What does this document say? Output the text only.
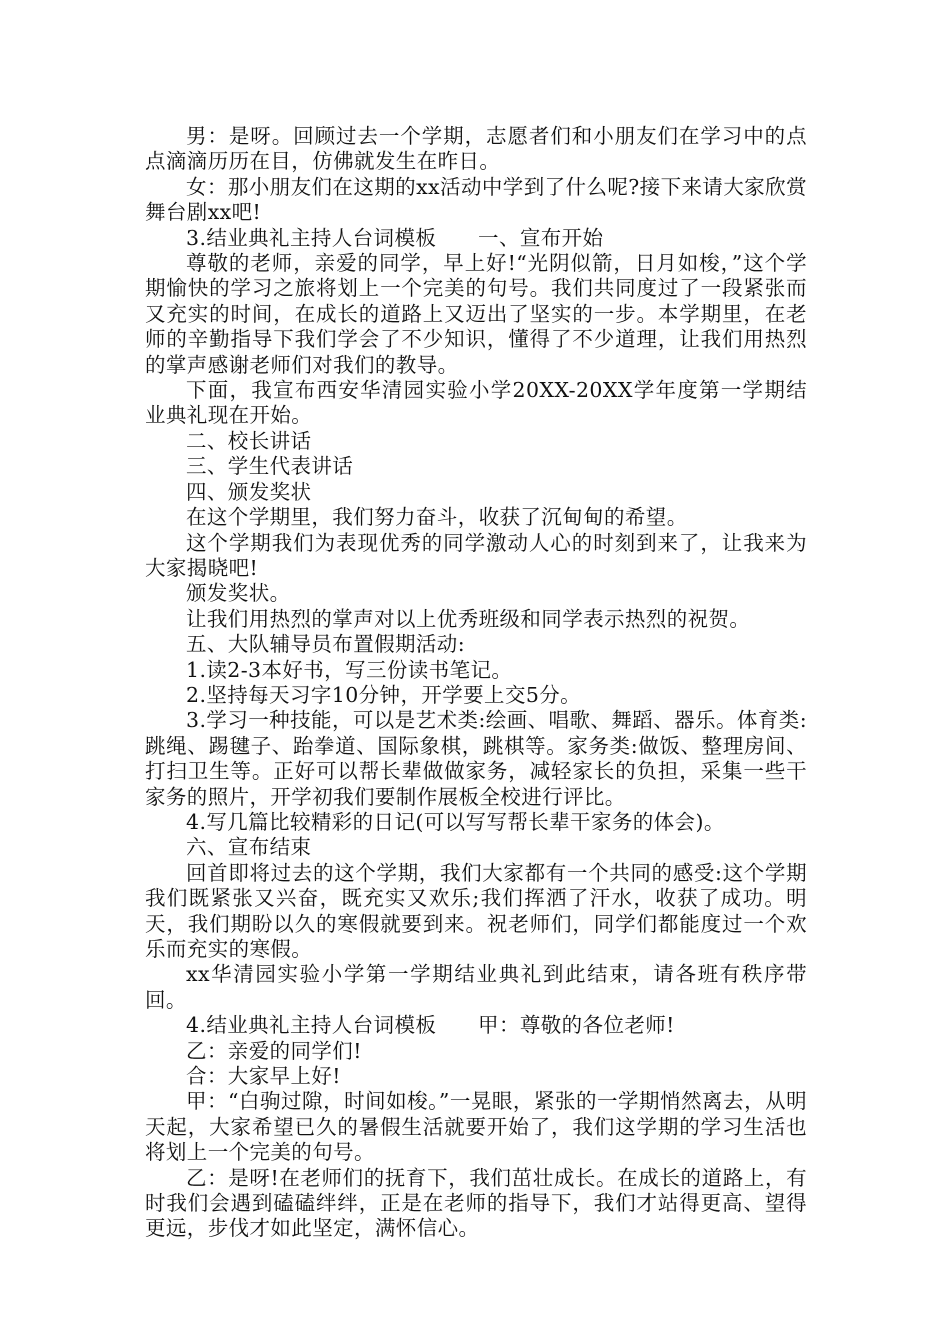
男：是呀。回顾过去一个学期，志愿者们和小朋友们在学习中的点点滴滴历历在目，仿佛就发生在昨日。

女：那小朋友们在这期的xx活动中学到了什么呢?接下来请大家欣赏舞台剧xx吧!

3.结业典礼主持人台词模板　　一、宣布开始

尊敬的老师，亲爱的同学，早上好!“光阴似箭，日月如梭，”这个学期愉快的学习之旅将划上一个完美的句号。我们共同度过了一段紧张而又充实的时间，在成长的道路上又迈出了坚实的一步。本学期里，在老师的辛勤指导下我们学会了不少知识，懂得了不少道理，让我们用热烈的掌声感谢老师们对我们的教导。

下面，我宣布西安华清园实验小学20XX-20XX学年度第一学期结业典礼现在开始。

二、校长讲话

三、学生代表讲话

四、颁发奖状

在这个学期里，我们努力奋斗，收获了沉甸甸的希望。

这个学期我们为表现优秀的同学激动人心的时刻到来了，让我来为大家揭晓吧!

颁发奖状。

让我们用热烈的掌声对以上优秀班级和同学表示热烈的祝贺。

五、大队辅导员布置假期活动:

1.读2-3本好书，写三份读书笔记。

2.坚持每天习字10分钟，开学要上交5分。

3.学习一种技能，可以是艺术类:绘画、唱歌、舞蹈、器乐。体育类:跳绳、踢毽子、跆拳道、国际象棋，跳棋等。家务类:做饭、整理房间、打扫卫生等。正好可以帮长辈做做家务，减轻家长的负担，采集一些干家务的照片，开学初我们要制作展板全校进行评比。

4.写几篇比较精彩的日记(可以写写帮长辈干家务的体会)。

六、宣布结束

回首即将过去的这个学期，我们大家都有一个共同的感受:这个学期我们既紧张又兴奋，既充实又欢乐;我们挥洒了汗水，收获了成功。明天，我们期盼以久的寒假就要到来。祝老师们，同学们都能度过一个欢乐而充实的寒假。

xx华清园实验小学第一学期结业典礼到此结束，请各班有秩序带回。

4.结业典礼主持人台词模板　　甲：尊敬的各位老师!

乙：亲爱的同学们!

合：大家早上好!

甲：“白驹过隙，时间如梭。”一晃眼，紧张的一学期悄然离去，从明天起，大家希望已久的暑假生活就要开始了，我们这学期的学习生活也将划上一个完美的句号。

乙：是呀!在老师们的抚育下，我们茁壮成长。在成长的道路上，有时我们会遇到磕磕绊绊，正是在老师的指导下，我们才站得更高、望得更远，步伐才如此坚定，满怀信心。
